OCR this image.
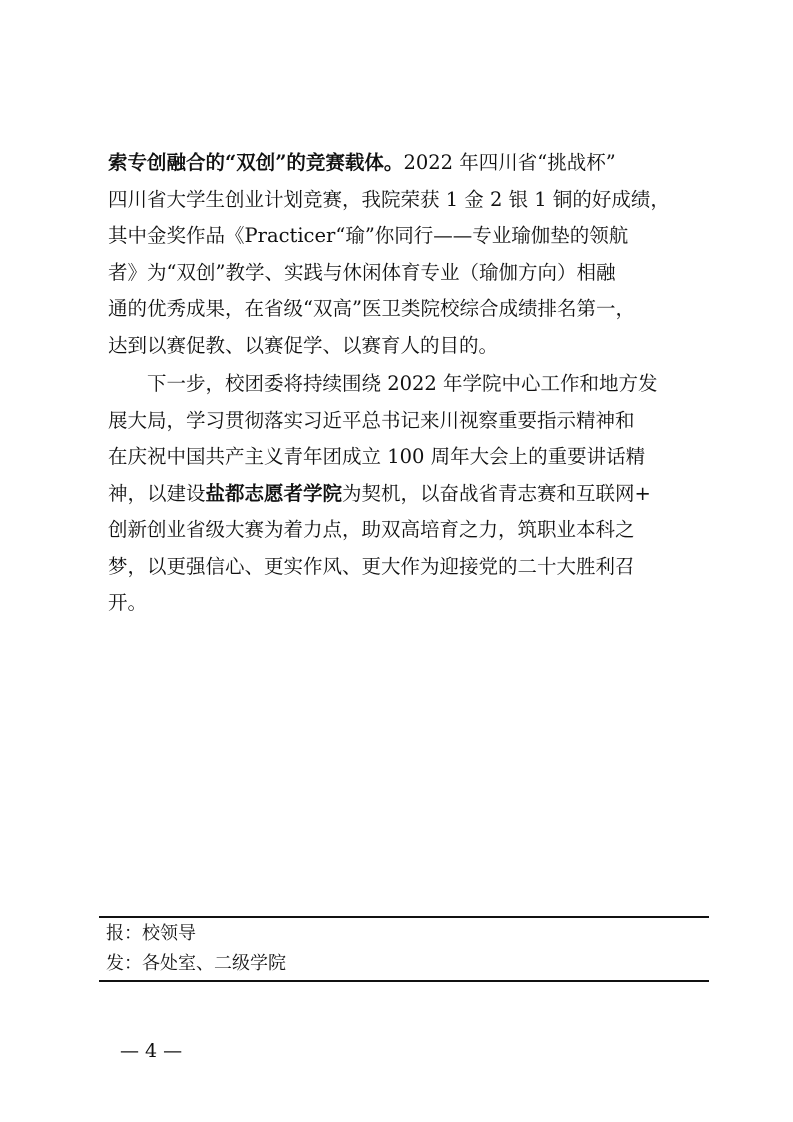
索专创融合的“双创”的竞赛载体。2022 年四川省“挑战杯”
四川省大学生创业计划竞赛，我院荣获 1 金 2 银 1 铜的好成绩，
其中金奖作品《Practicer“瑜”你同行——专业瑜伽垫的领航
者》为“双创”教学、实践与休闲体育专业（瑜伽方向）相融
通的优秀成果，在省级“双高”医卫类院校综合成绩排名第一，
达到以赛促教、以赛促学、以赛育人的目的。
下一步，校团委将持续围绕 2022 年学院中心工作和地方发
展大局，学习贯彻落实习近平总书记来川视察重要指示精神和
在庆祝中国共产主义青年团成立 100 周年大会上的重要讲话精
神，以建设盐都志愿者学院为契机，以奋战省青志赛和互联网+
创新创业省级大赛为着力点，助双高培育之力，筑职业本科之
梦，以更强信心、更实作风、更大作为迎接党的二十大胜利召
开。
报：校领导
发：各处室、二级学院
— 4 —
